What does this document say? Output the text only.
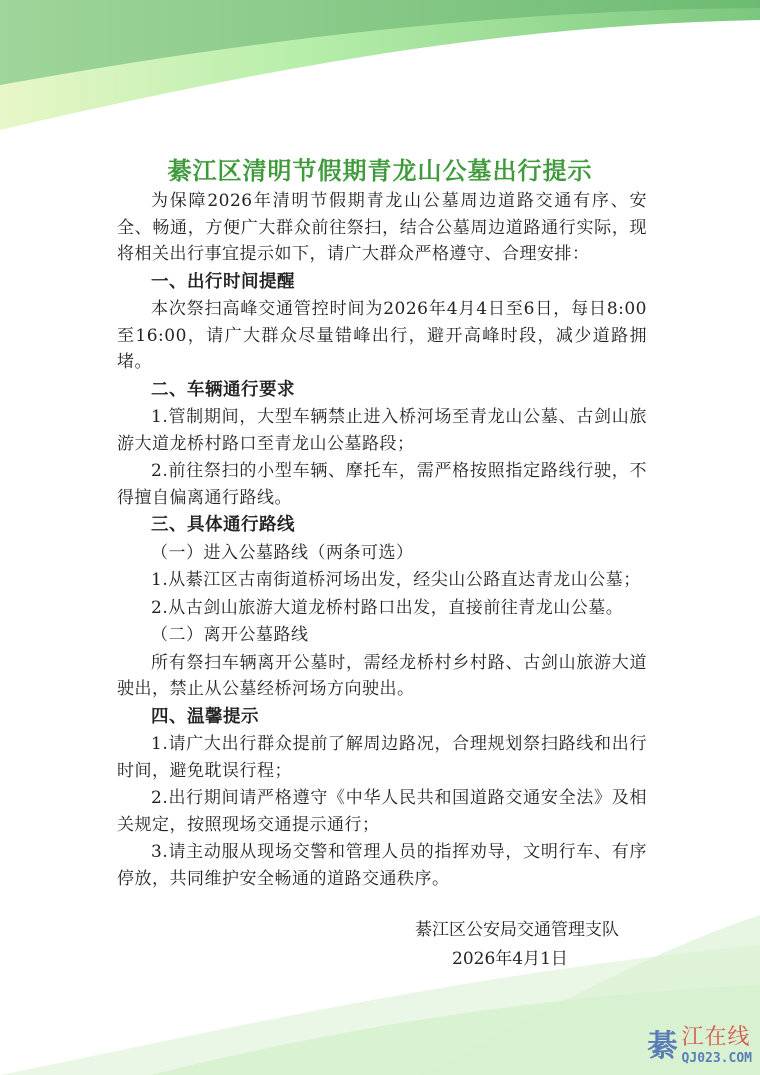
綦江区清明节假期青龙山公墓出行提示
为保障2026年清明节假期青龙山公墓周边道路交通有序、安全、畅通，方便广大群众前往祭扫，结合公墓周边道路通行实际，现将相关出行事宜提示如下，请广大群众严格遵守、合理安排：
一、出行时间提醒
本次祭扫高峰交通管控时间为2026年4月4日至6日，每日8:00至16:00，请广大群众尽量错峰出行，避开高峰时段，减少道路拥堵。
二、车辆通行要求
1.管制期间，大型车辆禁止进入桥河场至青龙山公墓、古剑山旅游大道龙桥村路口至青龙山公墓路段；
2.前往祭扫的小型车辆、摩托车，需严格按照指定路线行驶，不得擅自偏离通行路线。
三、具体通行路线
（一）进入公墓路线（两条可选）
1.从綦江区古南街道桥河场出发，经尖山公路直达青龙山公墓；
2.从古剑山旅游大道龙桥村路口出发，直接前往青龙山公墓。
（二）离开公墓路线
所有祭扫车辆离开公墓时，需经龙桥村乡村路、古剑山旅游大道驶出，禁止从公墓经桥河场方向驶出。
四、温馨提示
1.请广大出行群众提前了解周边路况，合理规划祭扫路线和出行时间，避免耽误行程；
2.出行期间请严格遵守《中华人民共和国道路交通安全法》及相关规定，按照现场交通提示通行；
3.请主动服从现场交警和管理人员的指挥劝导，文明行车、有序停放，共同维护安全畅通的道路交通秩序。
綦江区公安局交通管理支队
2026年4月1日
綦 江在线
QJ023.COM
